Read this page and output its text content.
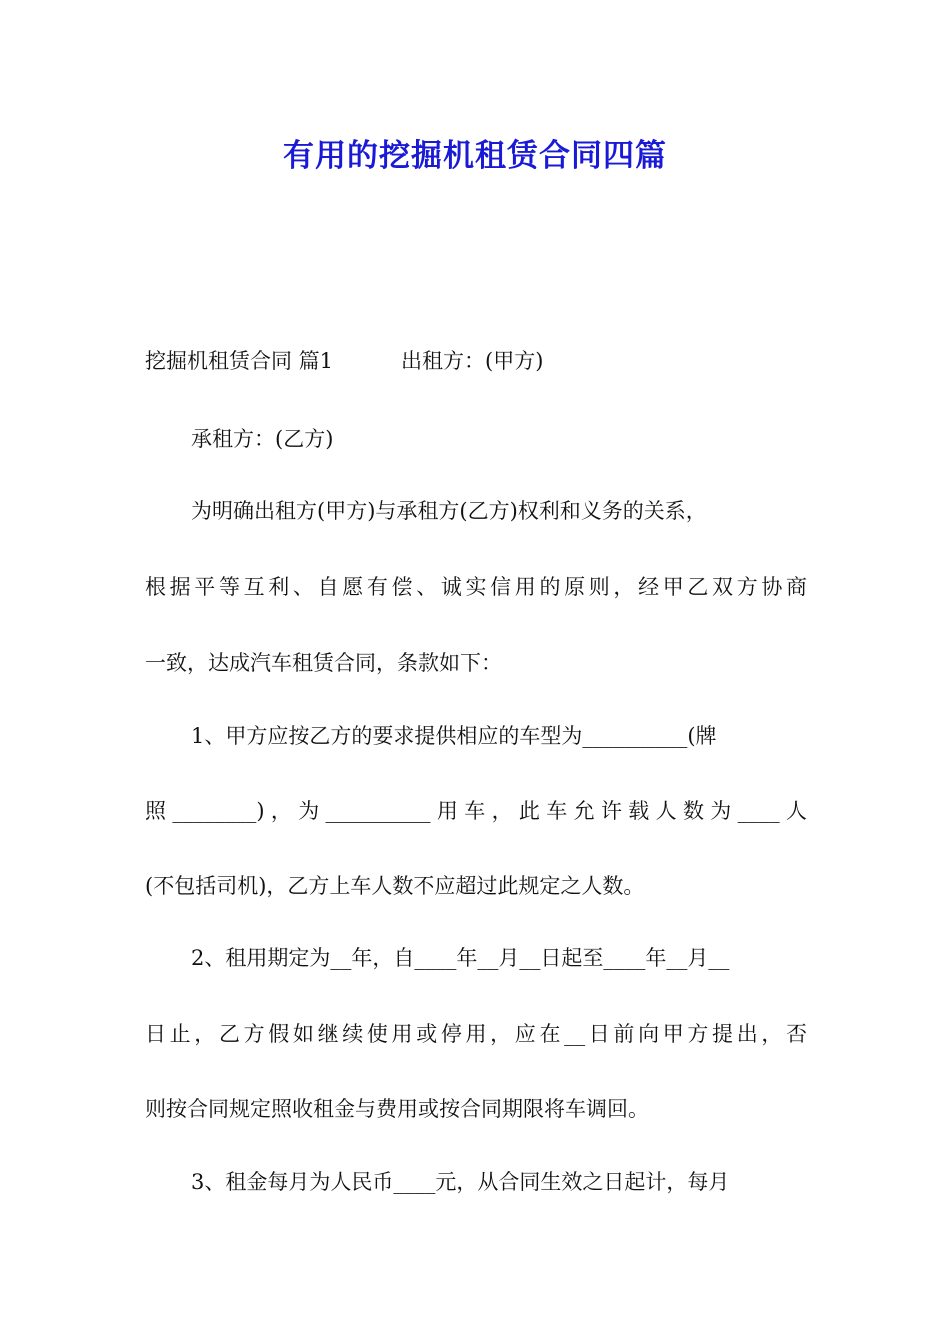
有用的挖掘机租赁合同四篇

挖掘机租赁合同 篇1	出租方：(甲方)

承租方：(乙方)

为明确出租方(甲方)与承租方(乙方)权利和义务的关系，

根据平等互利、自愿有偿、诚实信用的原则，经甲乙双方协商

一致，达成汽车租赁合同，条款如下：

1、甲方应按乙方的要求提供相应的车型为__________(牌

照________)，为__________用车，此车允许载人数为____人

(不包括司机)，乙方上车人数不应超过此规定之人数。

2、租用期定为__年，自____年__月__日起至____年__月__

日止，乙方假如继续使用或停用，应在__日前向甲方提出，否

则按合同规定照收租金与费用或按合同期限将车调回。

3、租金每月为人民币____元，从合同生效之日起计，每月
